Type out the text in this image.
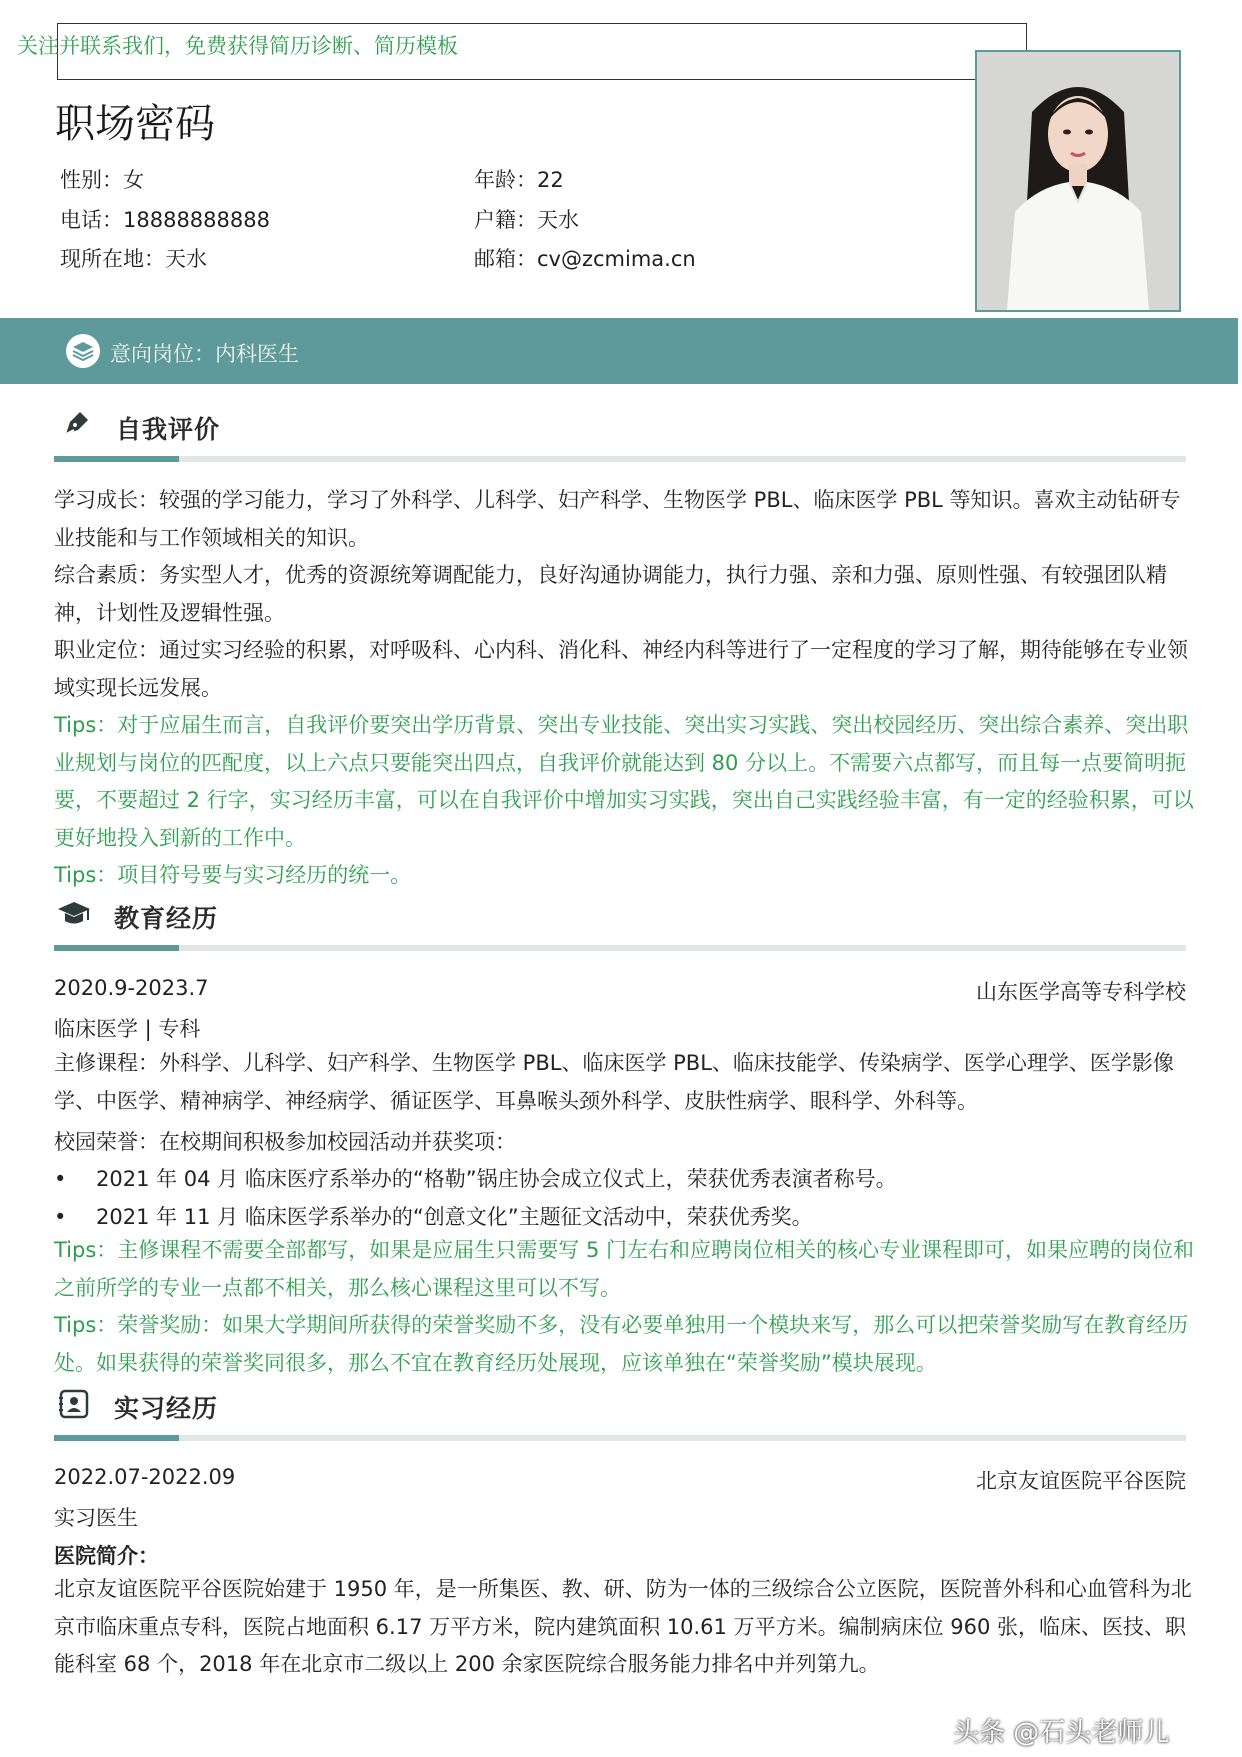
关注并联系我们，免费获得简历诊断、简历模板
职场密码
性别：女	年龄：22
电话：18888888888	户籍：天水
现所在地：天水	邮箱：cv@zcmima.cn
意向岗位：内科医生
自我评价
学习成长：较强的学习能力，学习了外科学、儿科学、妇产科学、生物医学 PBL、临床医学 PBL 等知识。喜欢主动钻研专业技能和与工作领域相关的知识。
综合素质：务实型人才，优秀的资源统筹调配能力，良好沟通协调能力，执行力强、亲和力强、原则性强、有较强团队精神，计划性及逻辑性强。
职业定位：通过实习经验的积累，对呼吸科、心内科、消化科、神经内科等进行了一定程度的学习了解，期待能够在专业领域实现长远发展。
Tips：对于应届生而言，自我评价要突出学历背景、突出专业技能、突出实习实践、突出校园经历、突出综合素养、突出职业规划与岗位的匹配度，以上六点只要能突出四点，自我评价就能达到 80 分以上。不需要六点都写，而且每一点要简明扼要，不要超过 2 行字，实习经历丰富，可以在自我评价中增加实习实践，突出自己实践经验丰富，有一定的经验积累，可以更好地投入到新的工作中。
Tips：项目符号要与实习经历的统一。
教育经历
2020.9-2023.7	山东医学高等专科学校
临床医学 | 专科
主修课程：外科学、儿科学、妇产科学、生物医学 PBL、临床医学 PBL、临床技能学、传染病学、医学心理学、医学影像学、中医学、精神病学、神经病学、循证医学、耳鼻喉头颈外科学、皮肤性病学、眼科学、外科等。
校园荣誉：在校期间积极参加校园活动并获奖项：
• 2021 年 04 月 临床医疗系举办的“格勒”锅庄协会成立仪式上，荣获优秀表演者称号。
• 2021 年 11 月 临床医学系举办的“创意文化”主题征文活动中，荣获优秀奖。
Tips：主修课程不需要全部都写，如果是应届生只需要写 5 门左右和应聘岗位相关的核心专业课程即可，如果应聘的岗位和之前所学的专业一点都不相关，那么核心课程这里可以不写。
Tips：荣誉奖励：如果大学期间所获得的荣誉奖励不多，没有必要单独用一个模块来写，那么可以把荣誉奖励写在教育经历处。如果获得的荣誉奖同很多，那么不宜在教育经历处展现，应该单独在“荣誉奖励”模块展现。
实习经历
2022.07-2022.09	北京友谊医院平谷医院
实习医生
医院简介：
北京友谊医院平谷医院始建于 1950 年，是一所集医、教、研、防为一体的三级综合公立医院，医院普外科和心血管科为北京市临床重点专科，医院占地面积 6.17 万平方米，院内建筑面积 10.61 万平方米。编制病床位 960 张，临床、医技、职能科室 68 个，2018 年在北京市二级以上 200 余家医院综合服务能力排名中并列第九。
头条 @石头老师儿
